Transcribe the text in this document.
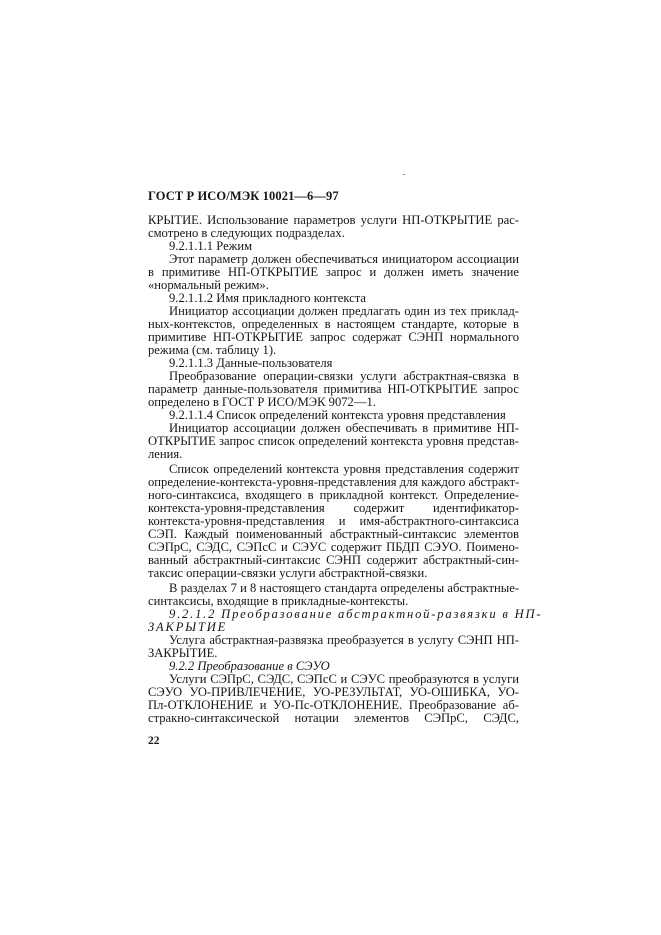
ГОСТ Р ИСО/МЭК 10021—6—97
КРЫТИЕ. Использование параметров услуги НП-ОТКРЫТИЕ рас-
смотрено в следующих подразделах.
9.2.1.1.1 Режим
Этот параметр должен обеспечиваться инициатором ассоциации
в примитиве НП-ОТКРЫТИЕ запрос и должен иметь значение
«нормальный режим».
9.2.1.1.2 Имя прикладного контекста
Инициатор ассоциации должен предлагать один из тех приклад-
ных-контекстов, определенных в настоящем стандарте, которые в
примитиве НП-ОТКРЫТИЕ запрос содержат СЭНП нормального
режима (см. таблицу 1).
9.2.1.1.3 Данные-пользователя
Преобразование операции-связки услуги абстрактная-связка в
параметр данные-пользователя примитива НП-ОТКРЫТИЕ запрос
определено в ГОСТ Р ИСО/МЭК 9072—1.
9.2.1.1.4 Список определений контекста уровня представления
Инициатор ассоциации должен обеспечивать в примитиве НП-
ОТКРЫТИЕ запрос список определений контекста уровня представ-
ления.
Список определений контекста уровня представления содержит
определение-контекста-уровня-представления для каждого абстракт-
ного-синтаксиса, входящего в прикладной контекст. Определение-
контекста-уровня-представления содержит идентификатор-
контекста-уровня-представления и имя-абстрактного-синтаксиса
СЭП. Каждый поименованный абстрактный-синтаксис элементов
СЭПрС, СЭДС, СЭПсС и СЭУС содержит ПБДП СЭУО. Поимено-
ванный абстрактный-синтаксис СЭНП содержит абстрактный-син-
таксис операции-связки услуги абстрактной-связки.
В разделах 7 и 8 настоящего стандарта определены абстрактные-
синтаксисы, входящие в прикладные-контексты.
9.2.1.2 Преобразование абстрактной-развязки в НП-
ЗАКРЫТИЕ
Услуга абстрактная-развязка преобразуется в услугу СЭНП НП-
ЗАКРЫТИЕ.
9.2.2 Преобразование в СЭУО
Услуги СЭПрС, СЭДС, СЭПсС и СЭУС преобразуются в услуги
СЭУО УО-ПРИВЛЕЧЕНИЕ, УО-РЕЗУЛЬТАТ, УО-ОШИБКА, УО-
Пл-ОТКЛОНЕНИЕ и УО-Пс-ОТКЛОНЕНИЕ. Преобразование аб-
стракно-синтаксической нотации элементов СЭПрС, СЭДС,
22
